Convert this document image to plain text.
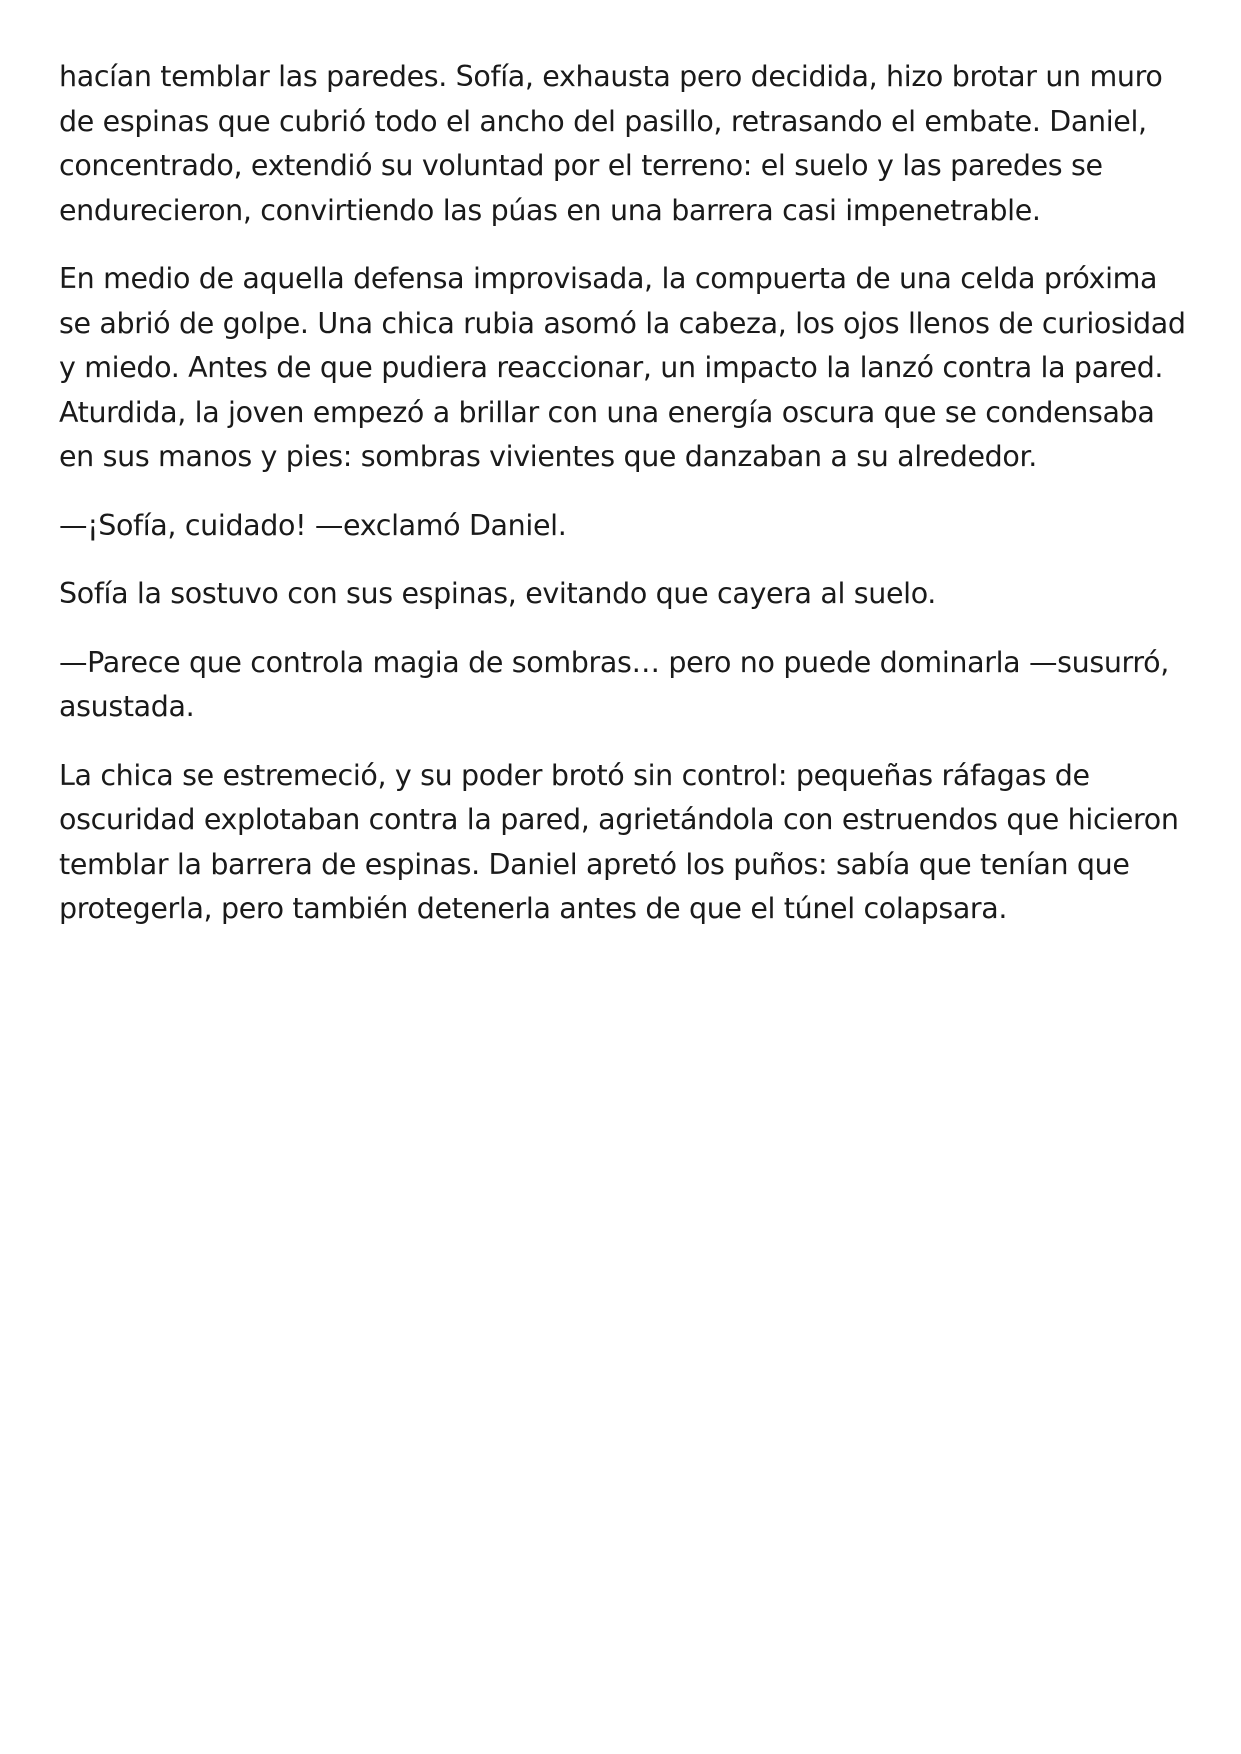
hacían temblar las paredes. Sofía, exhausta pero decidida, hizo brotar un muro de espinas que cubrió todo el ancho del pasillo, retrasando el embate. Daniel, concentrado, extendió su voluntad por el terreno: el suelo y las paredes se endurecieron, convirtiendo las púas en una barrera casi impenetrable.

En medio de aquella defensa improvisada, la compuerta de una celda próxima se abrió de golpe. Una chica rubia asomó la cabeza, los ojos llenos de curiosidad y miedo. Antes de que pudiera reaccionar, un impacto la lanzó contra la pared. Aturdida, la joven empezó a brillar con una energía oscura que se condensaba en sus manos y pies: sombras vivientes que danzaban a su alrededor.

—¡Sofía, cuidado! —exclamó Daniel.

Sofía la sostuvo con sus espinas, evitando que cayera al suelo.

—Parece que controla magia de sombras… pero no puede dominarla —susurró, asustada.

La chica se estremeció, y su poder brotó sin control: pequeñas ráfagas de oscuridad explotaban contra la pared, agrietándola con estruendos que hicieron temblar la barrera de espinas. Daniel apretó los puños: sabía que tenían que protegerla, pero también detenerla antes de que el túnel colapsara.
